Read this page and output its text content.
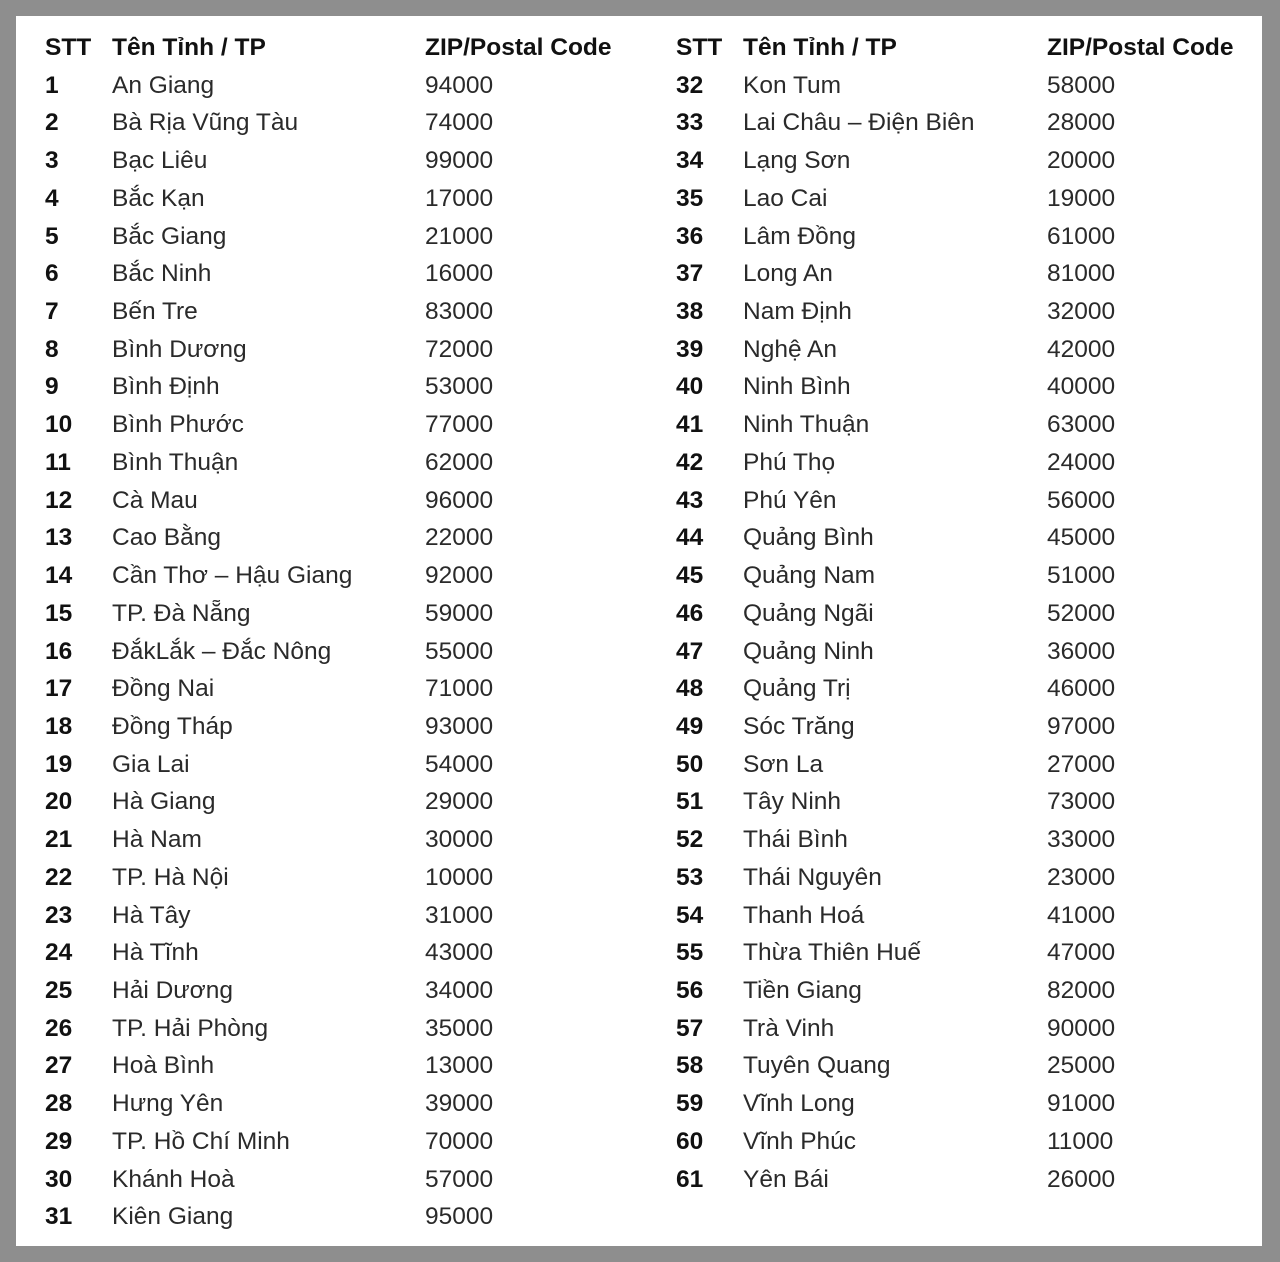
STT Tên Tỉnh / TP	ZIP/Postal Code
1 An Giang	94000
2 Bà Rịa Vũng Tàu	74000
3 Bạc Liêu	99000
4 Bắc Kạn	17000
5 Bắc Giang	21000
6 Bắc Ninh	16000
7 Bến Tre	83000
8 Bình Dương	72000
9 Bình Định	53000
10 Bình Phước	77000
11 Bình Thuận	62000
12 Cà Mau	96000
13 Cao Bằng	22000
14 Cần Thơ – Hậu Giang	92000
15 TP. Đà Nẵng	59000
16 ĐắkLắk – Đắc Nông	55000
17 Đồng Nai	71000
18 Đồng Tháp	93000
19 Gia Lai	54000
20 Hà Giang	29000
21 Hà Nam	30000
22 TP. Hà Nội	10000
23 Hà Tây	31000
24 Hà Tĩnh	43000
25 Hải Dương	34000
26 TP. Hải Phòng	35000
27 Hoà Bình	13000
28 Hưng Yên	39000
29 TP. Hồ Chí Minh	70000
30 Khánh Hoà	57000
31 Kiên Giang	95000
STT Tên Tỉnh / TP	ZIP/Postal Code
32 Kon Tum	58000
33 Lai Châu – Điện Biên	28000
34 Lạng Sơn	20000
35 Lao Cai	19000
36 Lâm Đồng	61000
37 Long An	81000
38 Nam Định	32000
39 Nghệ An	42000
40 Ninh Bình	40000
41 Ninh Thuận	63000
42 Phú Thọ	24000
43 Phú Yên	56000
44 Quảng Bình	45000
45 Quảng Nam	51000
46 Quảng Ngãi	52000
47 Quảng Ninh	36000
48 Quảng Trị	46000
49 Sóc Trăng	97000
50 Sơn La	27000
51 Tây Ninh	73000
52 Thái Bình	33000
53 Thái Nguyên	23000
54 Thanh Hoá	41000
55 Thừa Thiên Huế	47000
56 Tiền Giang	82000
57 Trà Vinh	90000
58 Tuyên Quang	25000
59 Vĩnh Long	91000
60 Vĩnh Phúc	11000
61 Yên Bái	26000
